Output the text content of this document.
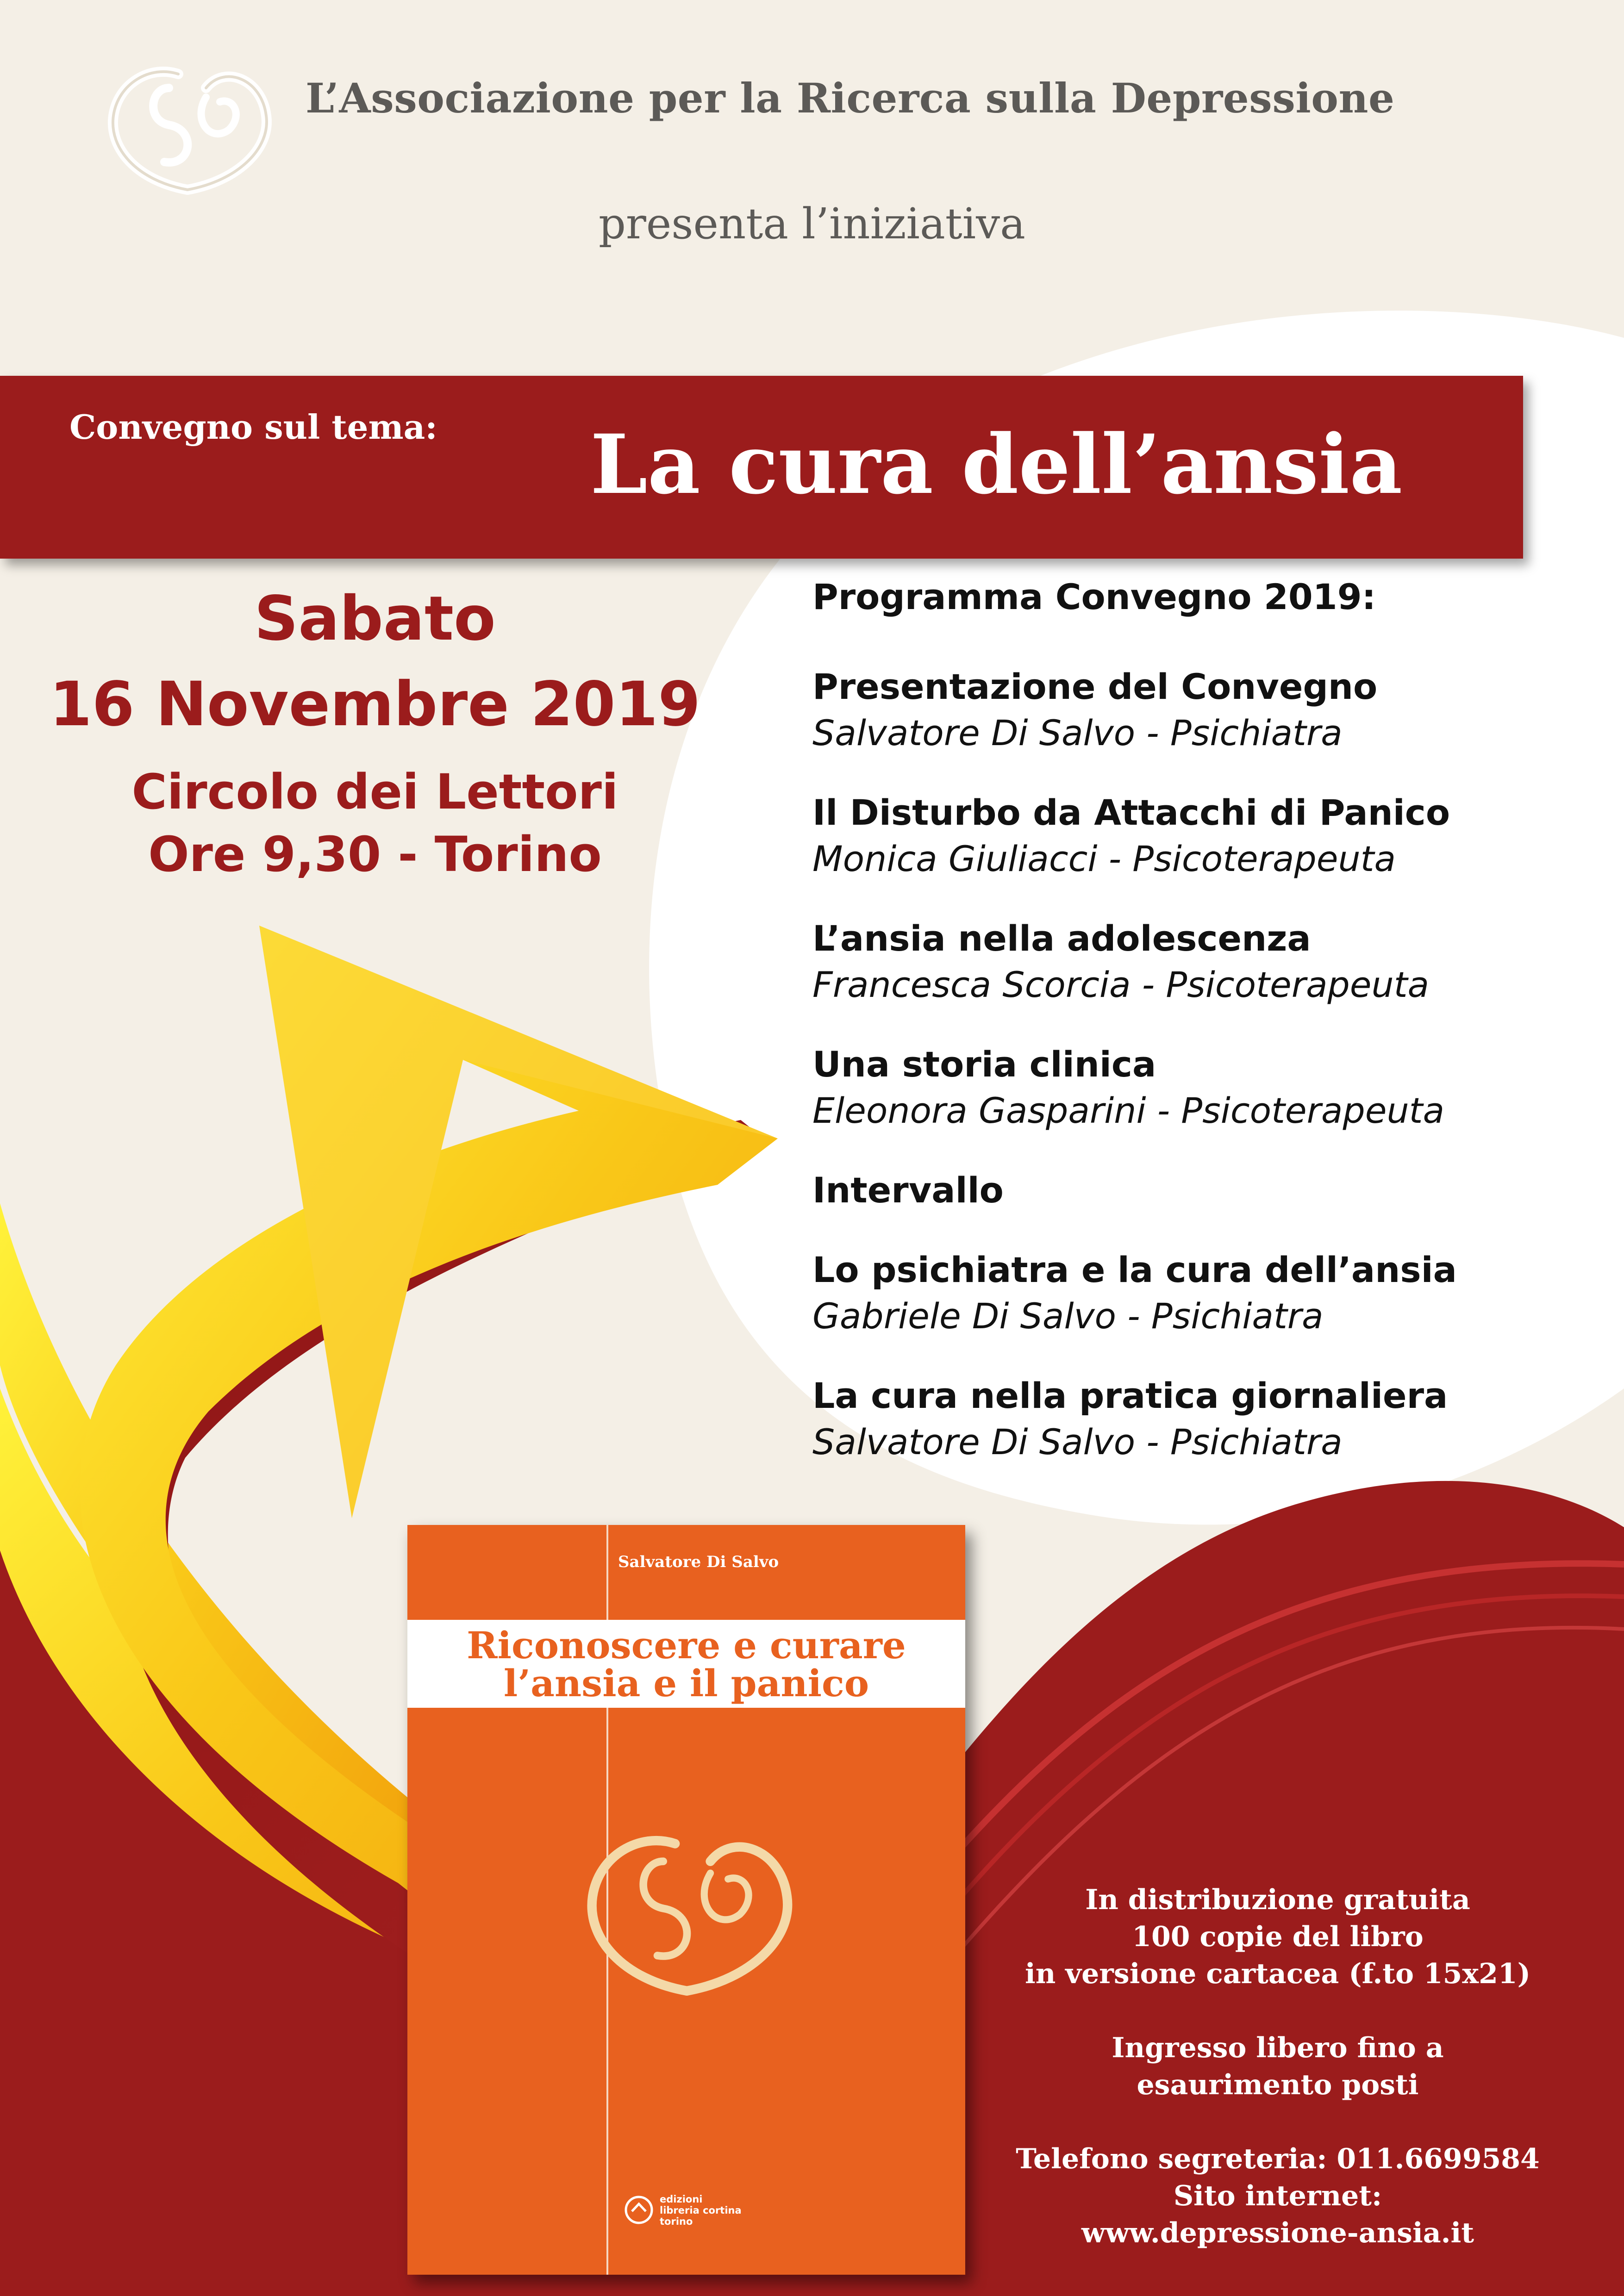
L’Associazione per la Ricerca sulla Depressione
presenta l’iniziativa
Convegno sul tema: La cura dell’ansia
Sabato
16 Novembre 2019
Circolo dei Lettori
Ore 9,30 - Torino
Programma Convegno 2019:
Presentazione del Convegno
Salvatore Di Salvo - Psichiatra
Il Disturbo da Attacchi di Panico
Monica Giuliacci - Psicoterapeuta
L’ansia nella adolescenza
Francesca Scorcia - Psicoterapeuta
Una storia clinica
Eleonora Gasparini - Psicoterapeuta
Intervallo
Lo psichiatra e la cura dell’ansia
Gabriele Di Salvo - Psichiatra
La cura nella pratica giornaliera
Salvatore Di Salvo - Psichiatra
Salvatore Di Salvo
Riconoscere e curare
l’ansia e il panico
edizioni
libreria cortina
torino
In distribuzione gratuita
100 copie del libro
in versione cartacea (f.to 15x21)
Ingresso libero fino a
esaurimento posti
Telefono segreteria: 011.6699584
Sito internet:
www.depressione-ansia.it
